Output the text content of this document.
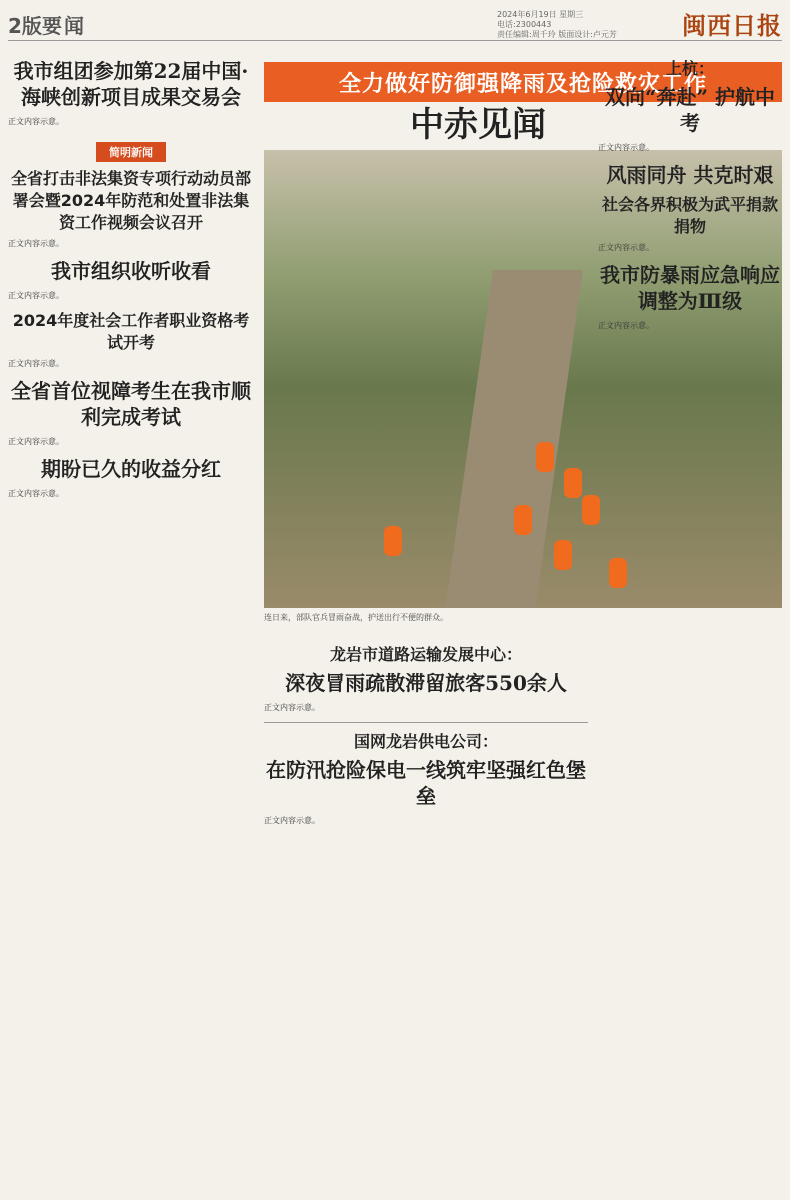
2版 要闻	2024年6月19日 星期三
电话:2300443
责任编辑:周千玲 版面设计:卢元芳	闽西日报
我市组团参加第22届中国·海峡创新项目成果交易会
正文内容示意。
简明新闻
全省打击非法集资专项行动动员部署会暨2024年防范和处置非法集资工作视频会议召开
正文内容示意。
我市组织收听收看
正文内容示意。
2024年度社会工作者职业资格考试开考
正文内容示意。
全省首位视障考生在我市顺利完成考试
正文内容示意。
期盼已久的收益分红
正文内容示意。
全力做好防御强降雨及抢险救灾工作
中赤见闻
连日来，部队官兵冒雨奋战，护送出行不便的群众。
龙岩市道路运输发展中心：
深夜冒雨疏散滞留旅客550余人
正文内容示意。
国网龙岩供电公司：
在防汛抢险保电一线筑牢坚强红色堡垒
正文内容示意。
上杭：
双向“奔赴” 护航中考
正文内容示意。
风雨同舟 共克时艰
社会各界积极为武平捐款捐物
正文内容示意。
我市防暴雨应急响应调整为Ⅲ级
正文内容示意。
